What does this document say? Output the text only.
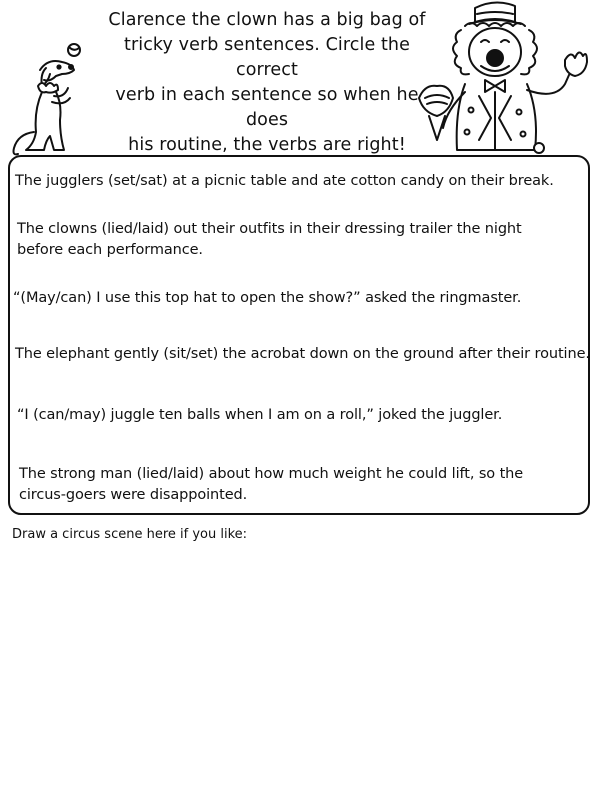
Clarence the clown has a big bag of
tricky verb sentences. Circle the correct
verb in each sentence so when he does
his routine, the verbs are right!
The jugglers (set/sat) at a picnic table and ate cotton candy on their break.
The clowns (lied/laid) out their outfits in their dressing trailer the night
before each performance.
“(May/can) I use this top hat to open the show?” asked the ringmaster.
The elephant gently (sit/set) the acrobat down on the ground after their routine.
“I (can/may) juggle ten balls when I am on a roll,” joked the juggler.
The strong man (lied/laid) about how much weight he could lift, so the
circus-goers were disappointed.
Draw a circus scene here if you like:
